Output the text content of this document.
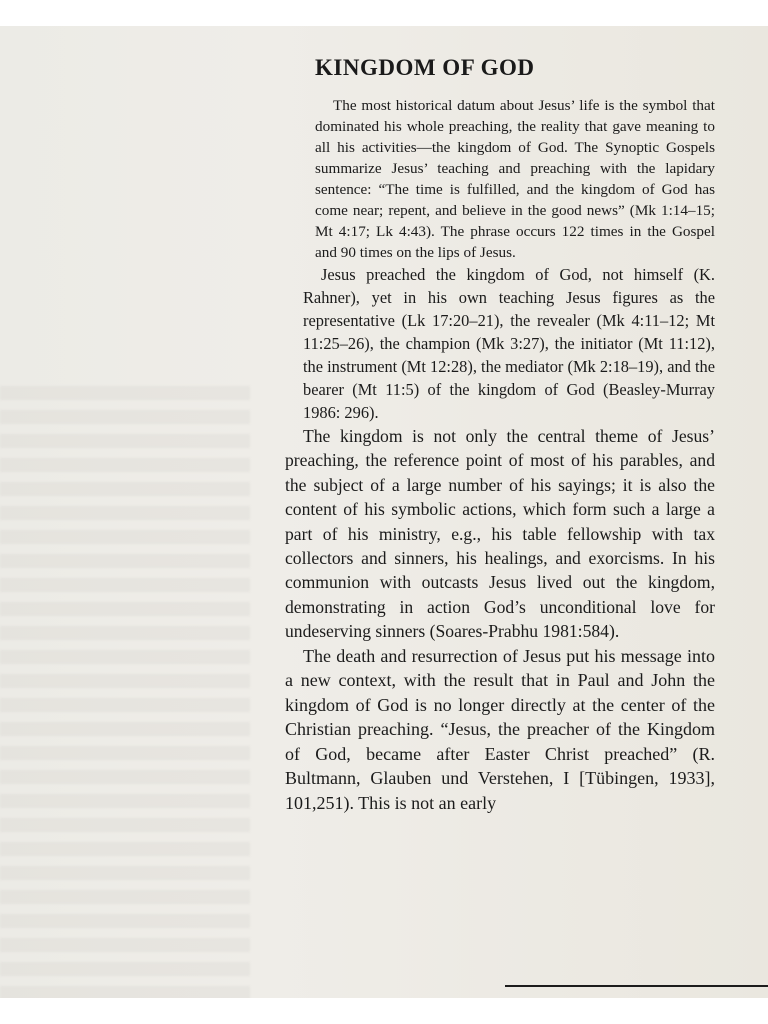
KINGDOM OF GOD

The most historical datum about Jesus’ life is the symbol that dominated his whole preaching, the reality that gave meaning to all his activities—the kingdom of God. The Synoptic Gospels summarize Jesus’ teaching and preaching with the lapidary sentence: “The time is fulfilled, and the kingdom of God has come near; repent, and believe in the good news” (Mk 1:14–15; Mt 4:17; Lk 4:43). The phrase occurs 122 times in the Gospel and 90 times on the lips of Jesus.

Jesus preached the kingdom of God, not himself (K. Rahner), yet in his own teaching Jesus figures as the representative (Lk 17:20–21), the revealer (Mk 4:11–12; Mt 11:25–26), the champion (Mk 3:27), the initiator (Mt 11:12), the instrument (Mt 12:28), the mediator (Mk 2:18–19), and the bearer (Mt 11:5) of the kingdom of God (Beasley-Murray 1986: 296).

The kingdom is not only the central theme of Jesus’ preaching, the reference point of most of his parables, and the subject of a large number of his sayings; it is also the content of his symbolic actions, which form such a large a part of his ministry, e.g., his table fellowship with tax collectors and sinners, his healings, and exorcisms. In his communion with outcasts Jesus lived out the kingdom, demonstrating in action God’s unconditional love for undeserving sinners (Soares-Prabhu 1981:584).

The death and resurrection of Jesus put his message into a new context, with the result that in Paul and John the kingdom of God is no longer directly at the center of the Christian preaching. “Jesus, the preacher of the Kingdom of God, became after Easter Christ preached” (R. Bultmann, Glauben und Verstehen, I [Tübingen, 1933], 101,251). This is not an early
